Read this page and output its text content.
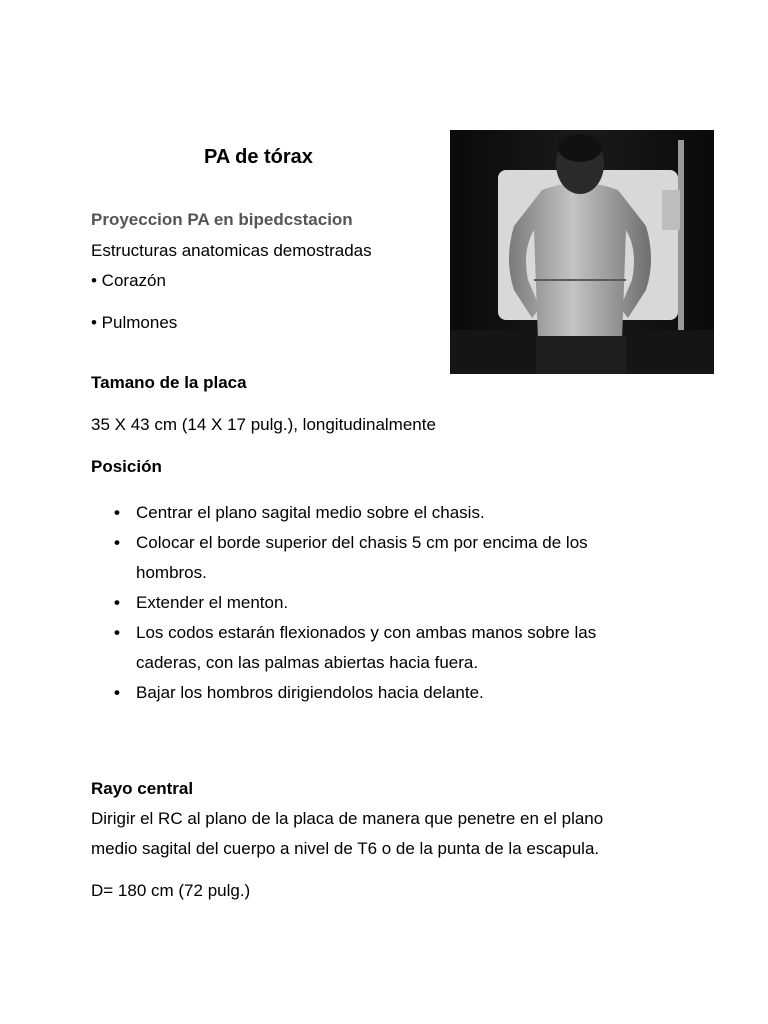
PA de tórax
Proyeccion PA en bipedcstacion
Estructuras anatomicas demostradas
• Corazón
• Pulmones
Tamano de la placa
35 X 43 cm (14 X 17 pulg.), longitudinalmente
Posición
• Centrar el plano sagital medio sobre el chasis.
• Colocar el borde superior del chasis 5 cm por encima de los hombros.
• Extender el menton.
• Los codos estarán flexionados y con ambas manos sobre las caderas, con las palmas abiertas hacia fuera.
• Bajar los hombros dirigiendolos hacia delante.
Rayo central
Dirigir el RC al plano de la placa de manera que penetre en el plano
medio sagital del cuerpo a nivel de T6 o de la punta de la escapula.
D= 180 cm (72 pulg.)
